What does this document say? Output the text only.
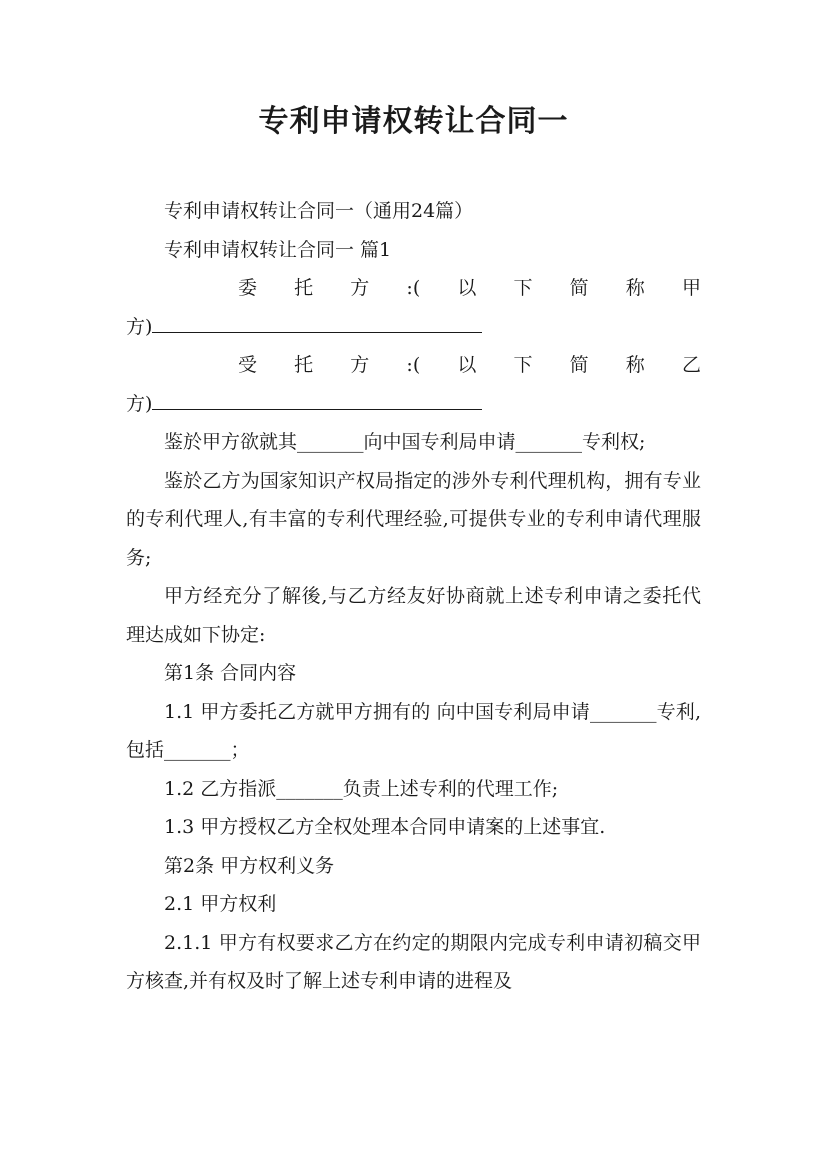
专利申请权转让合同一

专利申请权转让合同一（通用24篇）

专利申请权转让合同一 篇1

委 托 方 :( 以 下 简 称 甲

方)

受 托 方 :( 以 下 简 称 乙

方)

鉴於甲方欲就其_______向中国专利局申请_______专利权;

鉴於乙方为国家知识产权局指定的涉外专利代理机构，拥有专业的专利代理人,有丰富的专利代理经验,可提供专业的专利申请代理服务;

甲方经充分了解後,与乙方经友好协商就上述专利申请之委托代理达成如下协定:

第1条 合同内容

1.1 甲方委托乙方就甲方拥有的 向中国专利局申请_______专利,包括_______；

1.2 乙方指派_______负责上述专利的代理工作;

1.3 甲方授权乙方全权处理本合同申请案的上述事宜.

第2条 甲方权利义务

2.1 甲方权利

2.1.1 甲方有权要求乙方在约定的期限内完成专利申请初稿交甲方核查,并有权及时了解上述专利申请的进程及
